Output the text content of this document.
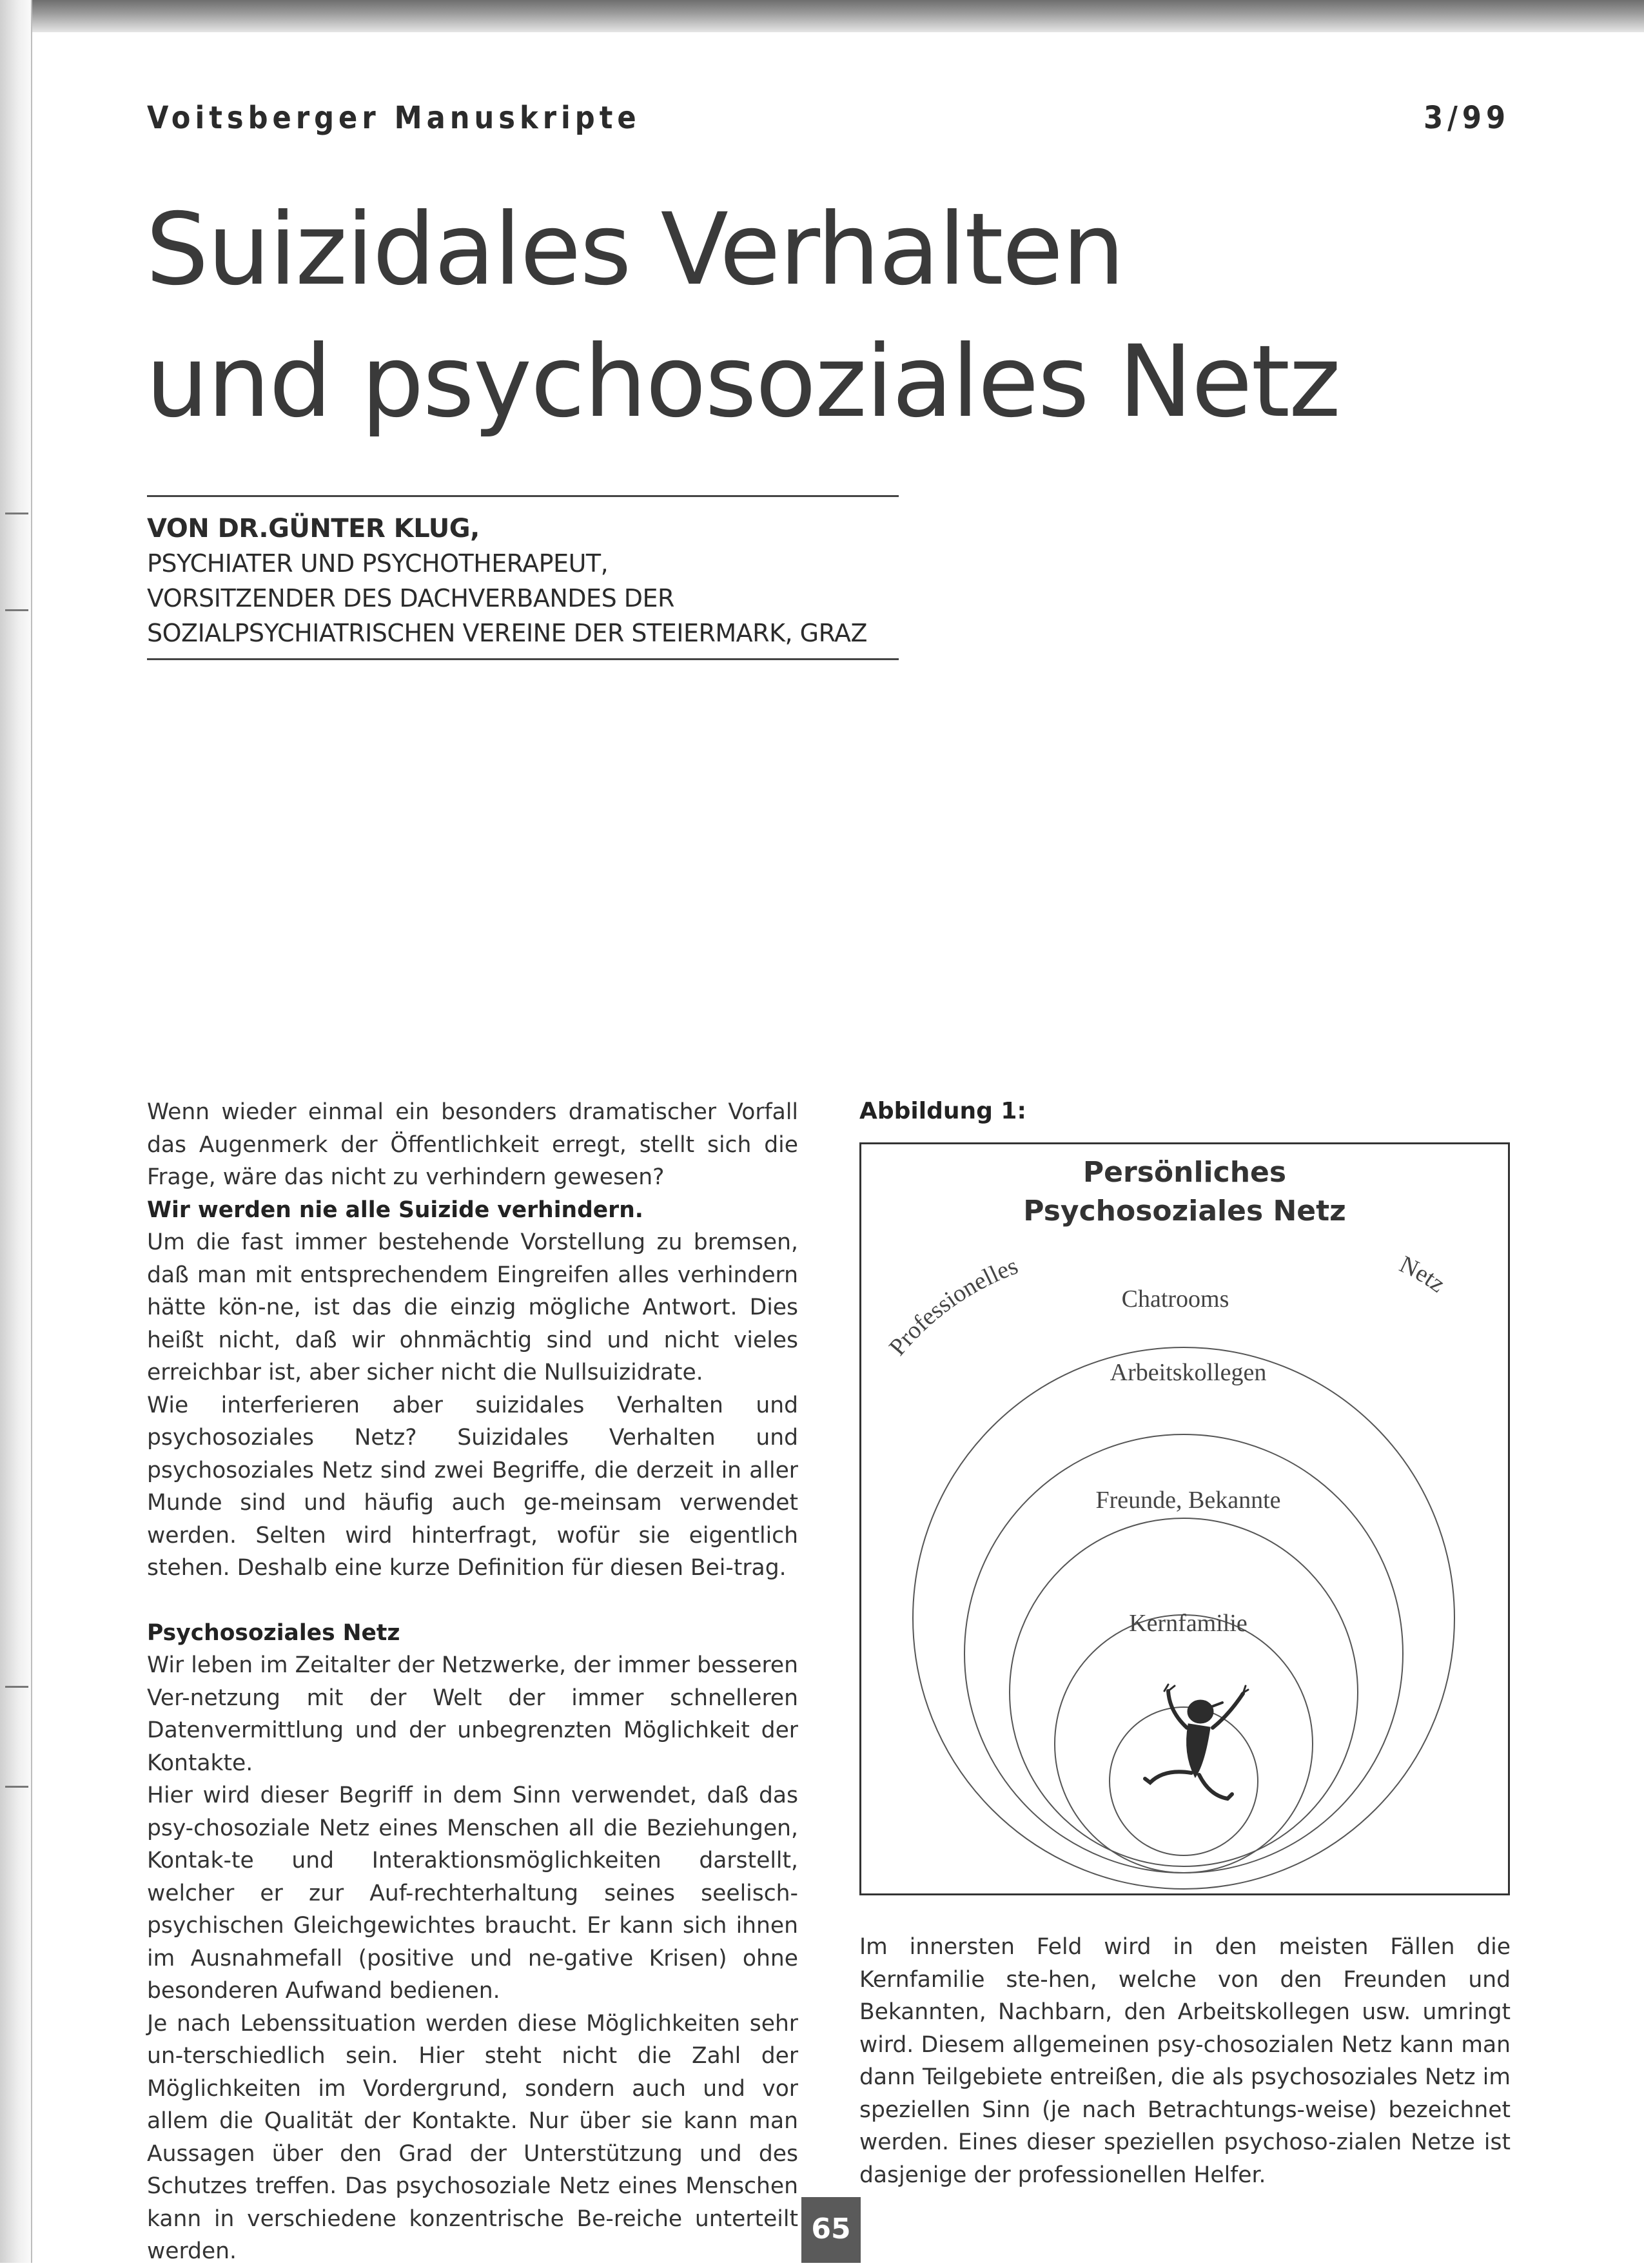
Voitsberger Manuskripte	3/99
Suizidales Verhalten
und psychosoziales Netz
VON DR.GÜNTER KLUG,
PSYCHIATER UND PSYCHOTHERAPEUT,
VORSITZENDER DES DACHVERBANDES DER
SOZIALPSYCHIATRISCHEN VEREINE DER STEIERMARK, GRAZ

Wenn wieder einmal ein besonders dramatischer Vorfall das Augenmerk der Öffentlichkeit erregt, stellt sich die Frage, wäre das nicht zu verhindern gewesen?

Wir werden nie alle Suizide verhindern.

Um die fast immer bestehende Vorstellung zu bremsen, daß man mit entsprechendem Eingreifen alles verhindern hätte kön-ne, ist das die einzig mögliche Antwort. Dies heißt nicht, daß wir ohnmächtig sind und nicht vieles erreichbar ist, aber sicher nicht die Nullsuizidrate.

Wie interferieren aber suizidales Verhalten und psychosoziales Netz? Suizidales Verhalten und psychosoziales Netz sind zwei Begriffe, die derzeit in aller Munde sind und häufig auch ge-meinsam verwendet werden. Selten wird hinterfragt, wofür sie eigentlich stehen. Deshalb eine kurze Definition für diesen Bei-trag.

Psychosoziales Netz

Wir leben im Zeitalter der Netzwerke, der immer besseren Ver-netzung mit der Welt der immer schnelleren Datenvermittlung und der unbegrenzten Möglichkeit der Kontakte.

Hier wird dieser Begriff in dem Sinn verwendet, daß das psy-chosoziale Netz eines Menschen all die Beziehungen, Kontak-te und Interaktionsmöglichkeiten darstellt, welcher er zur Auf-rechterhaltung seines seelisch-psychischen Gleichgewichtes braucht. Er kann sich ihnen im Ausnahmefall (positive und ne-gative Krisen) ohne besonderen Aufwand bedienen.

Je nach Lebenssituation werden diese Möglichkeiten sehr un-terschiedlich sein. Hier steht nicht die Zahl der Möglichkeiten im Vordergrund, sondern auch und vor allem die Qualität der Kontakte. Nur über sie kann man Aussagen über den Grad der Unterstützung und des Schutzes treffen. Das psychosoziale Netz eines Menschen kann in verschiedene konzentrische Be-reiche unterteilt werden.

Abbildung 1:
Persönliches
Psychosoziales Netz
Professionelles	Netz
Chatrooms
Arbeitskollegen
Freunde, Bekannte
Kernfamilie

Im innersten Feld wird in den meisten Fällen die Kernfamilie ste-hen, welche von den Freunden und Bekannten, Nachbarn, den Arbeitskollegen usw. umringt wird. Diesem allgemeinen psy-chosozialen Netz kann man dann Teilgebiete entreißen, die als psychosoziales Netz im speziellen Sinn (je nach Betrachtungs-weise) bezeichnet werden. Eines dieser speziellen psychoso-zialen Netze ist dasjenige der professionellen Helfer.

65
